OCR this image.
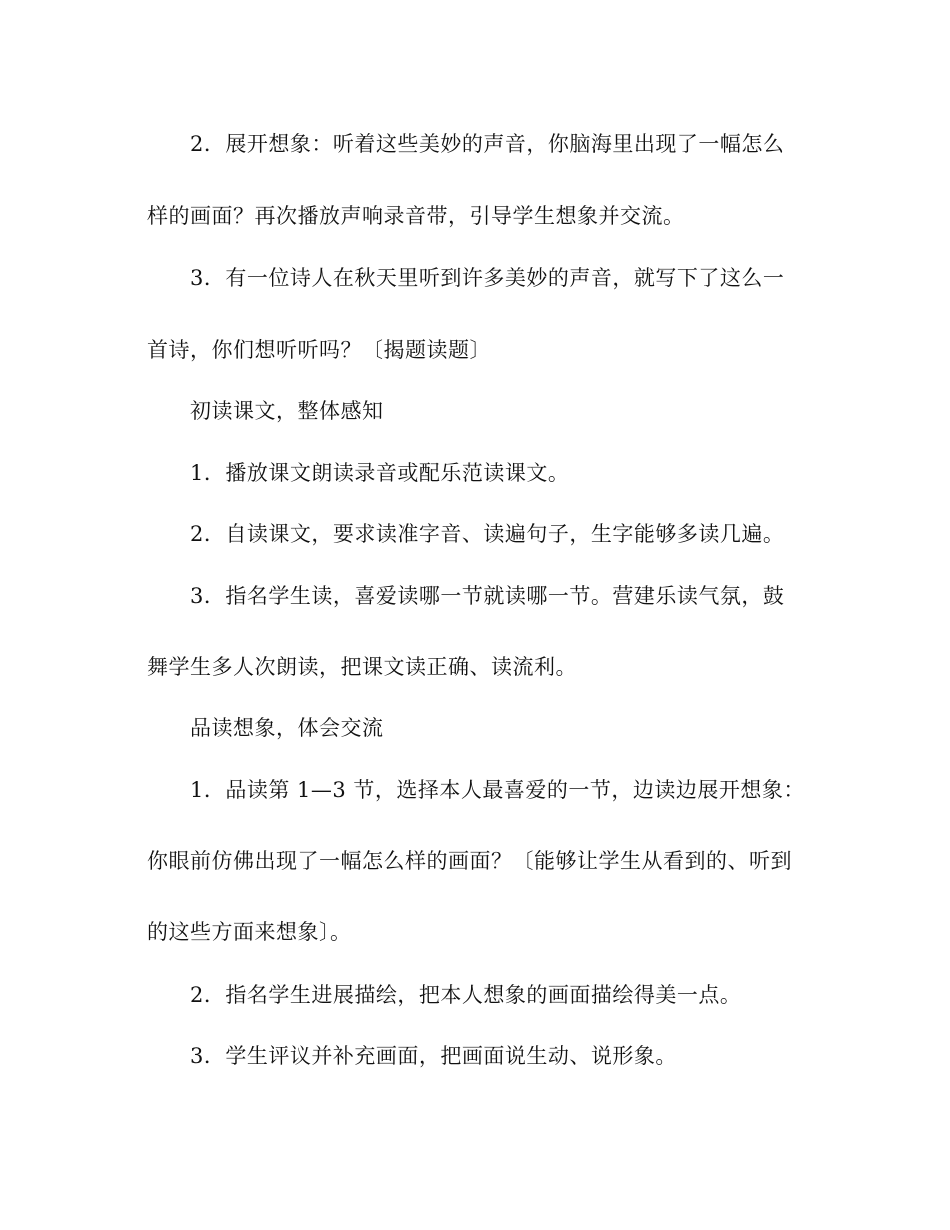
2．展开想象：听着这些美妙的声音，你脑海里出现了一幅怎么
样的画面？再次播放声响录音带，引导学生想象并交流。
3．有一位诗人在秋天里听到许多美妙的声音，就写下了这么一
首诗，你们想听听吗？〔揭题读题〕
初读课文，整体感知
1．播放课文朗读录音或配乐范读课文。
2．自读课文，要求读准字音、读遍句子，生字能够多读几遍。
3．指名学生读，喜爱读哪一节就读哪一节。营建乐读气氛，鼓
舞学生多人次朗读，把课文读正确、读流利。
品读想象，体会交流
1．品读第 1—3 节，选择本人最喜爱的一节，边读边展开想象：
你眼前仿佛出现了一幅怎么样的画面？〔能够让学生从看到的、听到
的这些方面来想象〕。
2．指名学生进展描绘，把本人想象的画面描绘得美一点。
3．学生评议并补充画面，把画面说生动、说形象。
